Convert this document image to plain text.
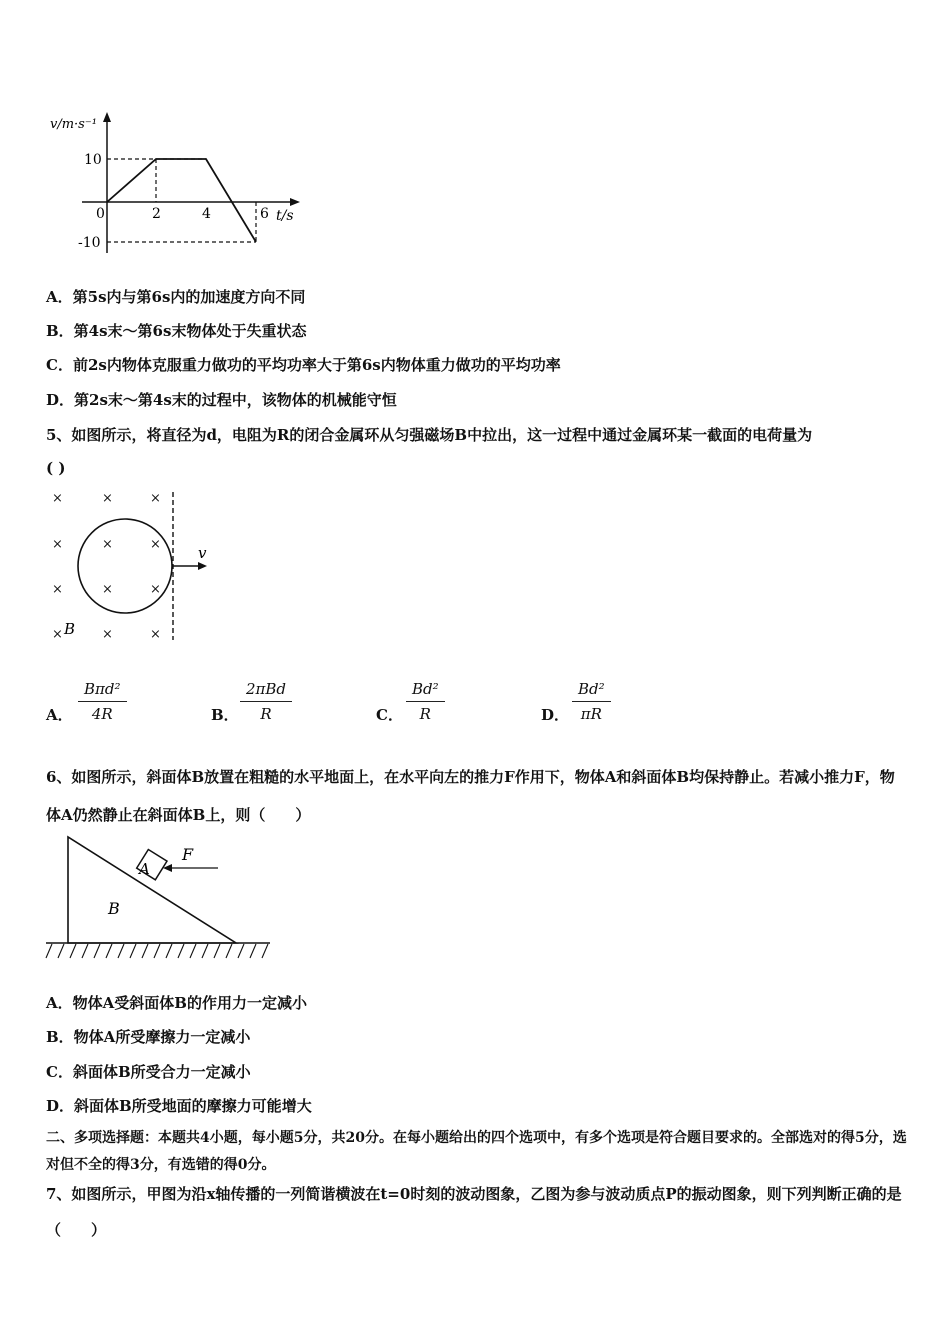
v/m·s⁻¹
10
-10
0	2	4	6 t/s
A．第5s内与第6s内的加速度方向不同
B．第4s末～第6s末物体处于失重状态
C．前2s内物体克服重力做功的平均功率大于第6s内物体重力做功的平均功率
D．第2s末～第4s末的过程中，该物体的机械能守恒
5、如图所示，将直径为d，电阻为R的闭合金属环从匀强磁场B中拉出，这一过程中通过金属环某一截面的电荷量为
( )
×	×	×
×	×	×
×	×	×
×	×	×
B
v
A．
Bπd²
4R	B．
2πBd
R	C． $\frac{\text{Bd²}}{R}$	D． $\frac{\text{Bd²}}{\pi R}$
6、如图所示，斜面体B放置在粗糙的水平地面上，在水平向左的推力F作用下，物体A和斜面体B均保持静止。若减小推力F，物体A仍然静止在斜面体B上，则（　　）
A
B
F
A．物体A受斜面体B的作用力一定减小
B．物体A所受摩擦力一定减小
C．斜面体B所受合力一定减小
D．斜面体B所受地面的摩擦力可能增大
二、多项选择题：本题共4小题，每小题5分，共20分。在每小题给出的四个选项中，有多个选项是符合题目要求的。全部选对的得5分，选对但不全的得3分，有选错的得0分。
7、如图所示，甲图为沿x轴传播的一列简谐横波在t=0时刻的波动图象，乙图为参与波动质点P的振动图象，则下列判断正确的是（　　）
